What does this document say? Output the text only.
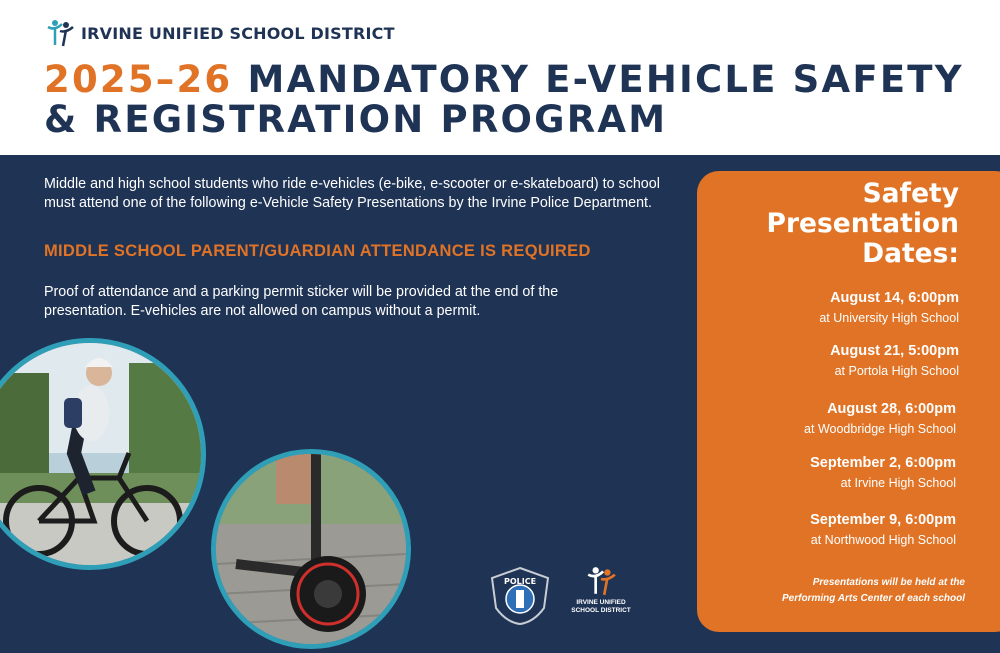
IRVINE UNIFIED SCHOOL DISTRICT
2025–26 MANDATORY E-VEHICLE SAFETY
& REGISTRATION PROGRAM

Middle and high school students who ride e-vehicles (e-bike, e-scooter or e-skateboard) to school must attend one of the following e-Vehicle Safety Presentations by the Irvine Police Department.

MIDDLE SCHOOL PARENT/GUARDIAN ATTENDANCE IS REQUIRED

Proof of attendance and a parking permit sticker will be provided at the end of the presentation. E-vehicles are not allowed on campus without a permit.

POLICE
IRVINE UNIFIED
SCHOOL DISTRICT
Safety
Presentation
Dates:
August 14, 6:00pm
at University High School
August 21, 5:00pm
at Portola High School
August 28, 6:00pm
at Woodbridge High School
September 2, 6:00pm
at Irvine High School
September 9, 6:00pm
at Northwood High School
Presentations will be held at the
Performing Arts Center of each school
